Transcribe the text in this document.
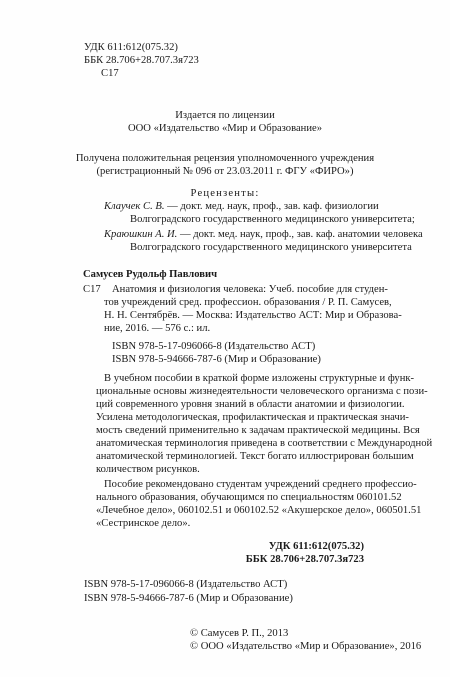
УДК 611:612(075.32)
ББК 28.706+28.707.3я723
С17
Издается по лицензии
ООО «Издательство «Мир и Образование»
Получена положительная рецензия уполномоченного учреждения
(регистрационный № 096 от 23.03.2011 г. ФГУ «ФИРО»)
Рецензенты:
Клаучек С. В. — докт. мед. наук, проф., зав. каф. физиологии
Волгоградского государственного медицинского университета;
Краюшкин А. И. — докт. мед. наук, проф., зав. каф. анатомии человека
Волгоградского государственного медицинского университета
Самусев Рудольф Павлович
С17 Анатомия и физиология человека: Учеб. пособие для студен-

тов учреждений сред. профессион. образования / Р. П. Самусев,

Н. Н. Сентябрёв. — Москва: Издательство АСТ: Мир и Образова-

ние, 2016. — 576 с.: ил.

ISBN 978-5-17-096066-8 (Издательство АСТ)
ISBN 978-5-94666-787-6 (Мир и Образование)

В учебном пособии в краткой форме изложены структурные и функ-

циональные основы жизнедеятельности человеческого организма с пози-

ций современного уровня знаний в области анатомии и физиологии.

Усилена методологическая, профилактическая и практическая значи-

мость сведений применительно к задачам практической медицины. Вся

анатомическая терминология приведена в соответствии с Международной

анатомической терминологией. Текст богато иллюстрирован большим

количеством рисунков.

Пособие рекомендовано студентам учреждений среднего профессио-

нального образования, обучающимся по специальностям 060101.52

«Лечебное дело», 060102.51 и 060102.52 «Акушерское дело», 060501.51

«Сестринское дело».

УДК 611:612(075.32)
ББК 28.706+28.707.3я723
ISBN 978-5-17-096066-8 (Издательство АСТ)
ISBN 978-5-94666-787-6 (Мир и Образование)
© Самусев Р. П., 2013
© ООО «Издательство «Мир и Образование», 2016
